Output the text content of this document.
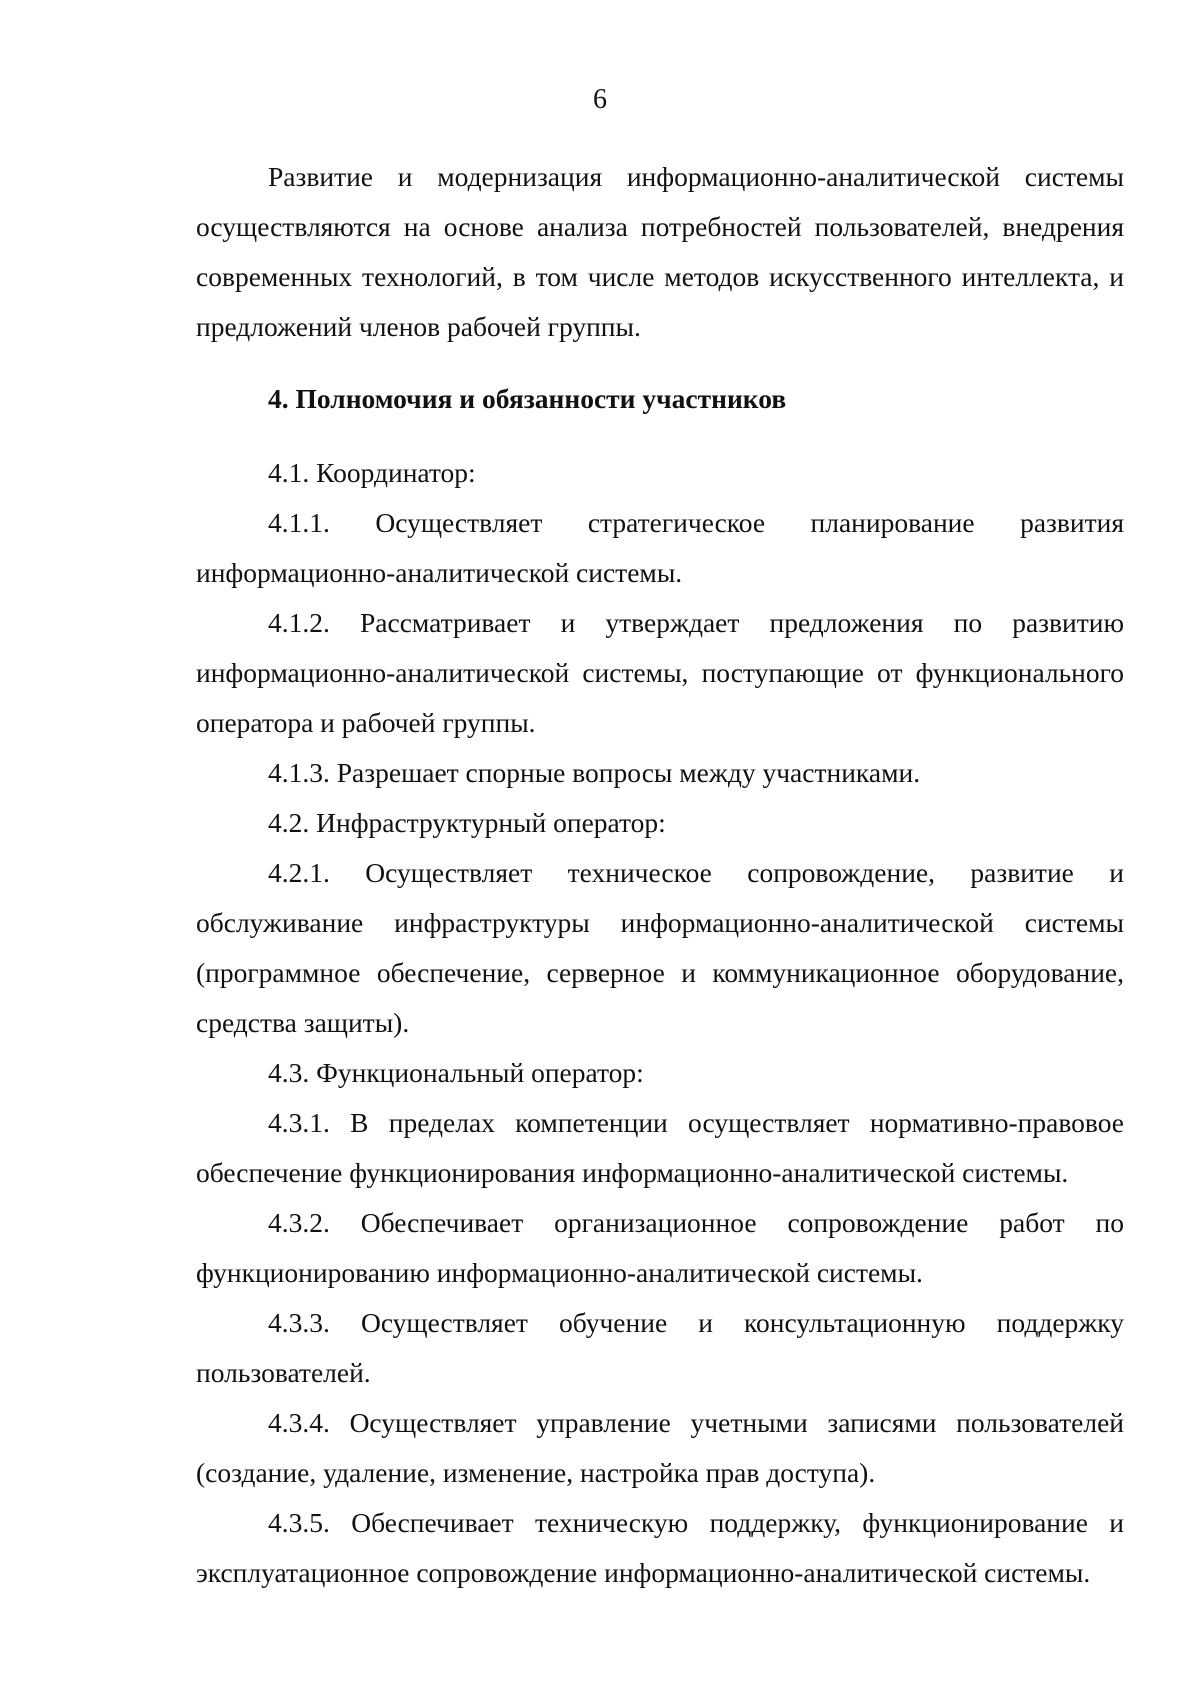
6

Развитие и модернизация информационно-аналитической системы осуществляются на основе анализа потребностей пользователей, внедрения современных технологий, в том числе методов искусственного интеллекта, и предложений членов рабочей группы.

4. Полномочия и обязанности участников

4.1. Координатор:

4.1.1. Осуществляет стратегическое планирование развития информационно-аналитической системы.

4.1.2. Рассматривает и утверждает предложения по развитию информационно-аналитической системы, поступающие от функционального оператора и рабочей группы.

4.1.3. Разрешает спорные вопросы между участниками.

4.2. Инфраструктурный оператор:

4.2.1. Осуществляет техническое сопровождение, развитие и обслуживание инфраструктуры информационно-аналитической системы (программное обеспечение, серверное и коммуникационное оборудование, средства защиты).

4.3. Функциональный оператор:

4.3.1. В пределах компетенции осуществляет нормативно-правовое обеспечение функционирования информационно-аналитической системы.

4.3.2. Обеспечивает организационное сопровождение работ по функционированию информационно-аналитической системы.

4.3.3. Осуществляет обучение и консультационную поддержку пользователей.

4.3.4. Осуществляет управление учетными записями пользователей (создание, удаление, изменение, настройка прав доступа).

4.3.5. Обеспечивает техническую поддержку, функционирование и эксплуатационное сопровождение информационно-аналитической системы.
